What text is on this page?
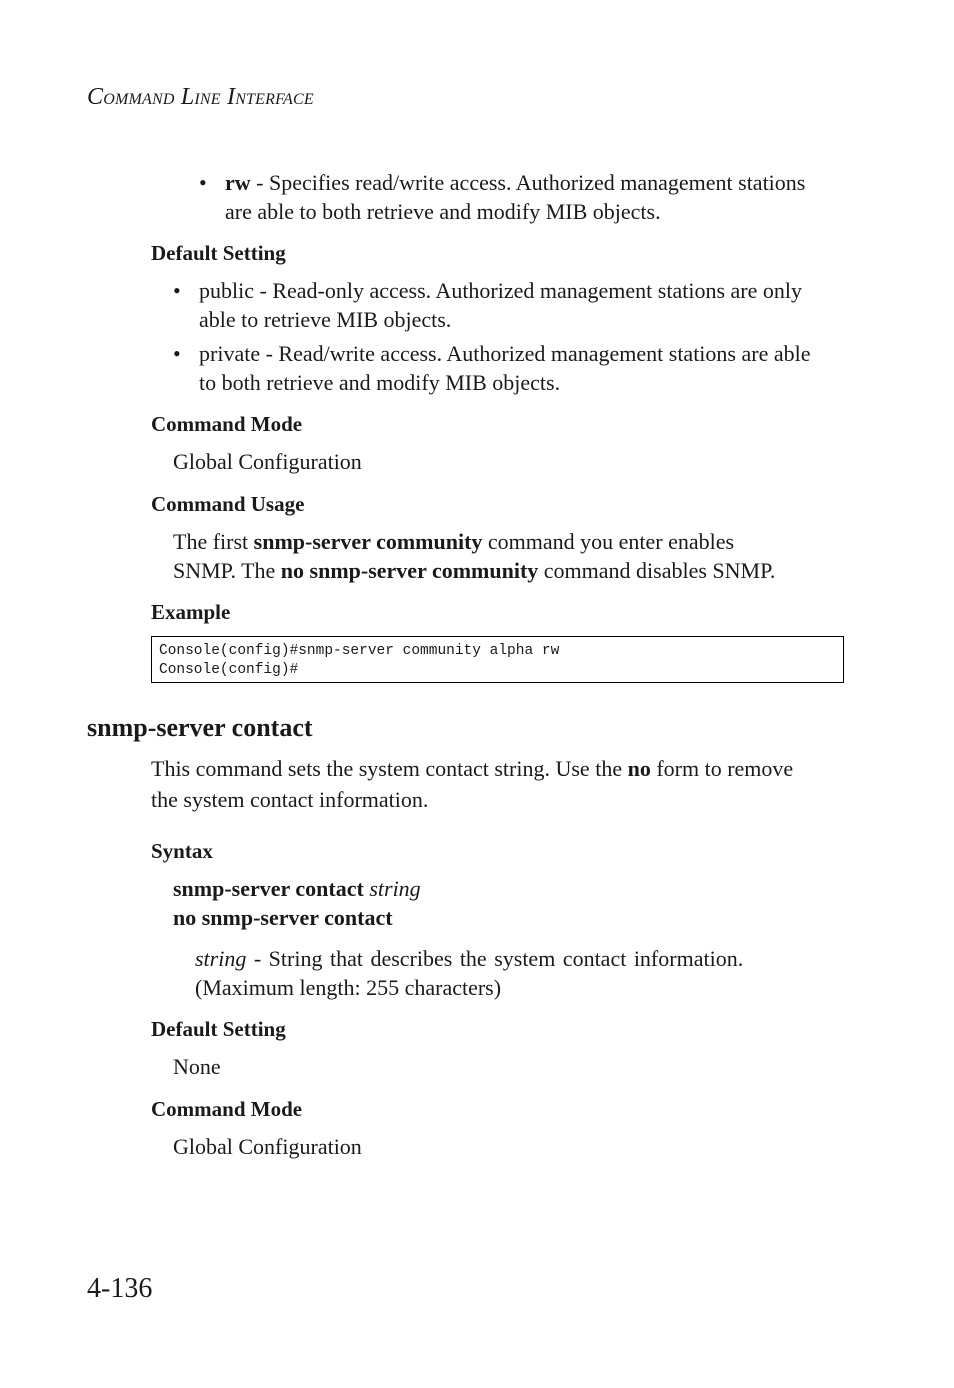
COMMAND LINE INTERFACE
• rw - Specifies read/write access. Authorized management stations
are able to both retrieve and modify MIB objects.
Default Setting
• public - Read-only access. Authorized management stations are only
able to retrieve MIB objects.
• private - Read/write access. Authorized management stations are able
to both retrieve and modify MIB objects.
Command Mode
Global Configuration
Command Usage
The first snmp-server community command you enter enables
SNMP. The no snmp-server community command disables SNMP.
Example
Console(config)#snmp-server community alpha rw
Console(config)#
snmp-server contact
This command sets the system contact string. Use the no form to remove
the system contact information.
Syntax
snmp-server contact string
no snmp-server contact
string - String that describes the system contact information.
(Maximum length: 255 characters)
Default Setting
None
Command Mode
Global Configuration
4-136
